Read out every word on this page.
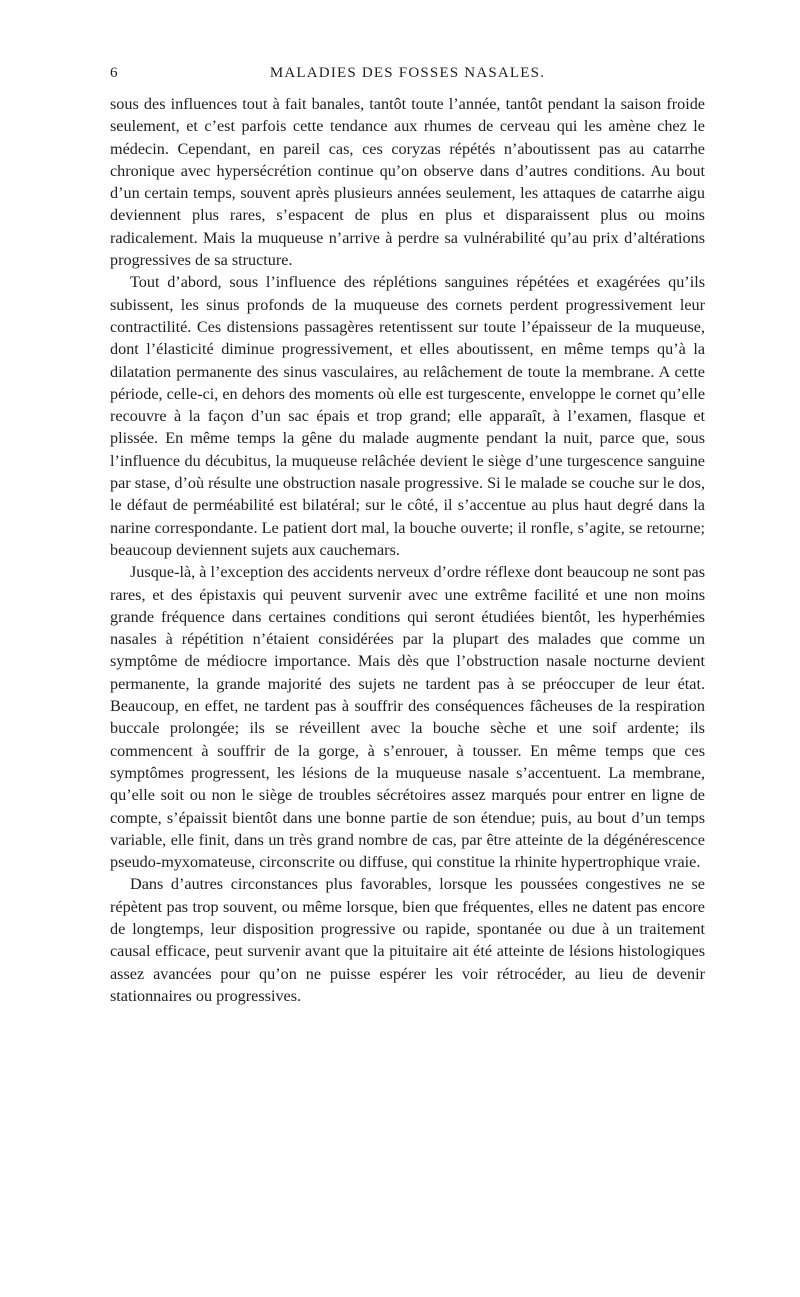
6	MALADIES DES FOSSES NASALES.

sous des influences tout à fait banales, tantôt toute l’année, tantôt pendant la saison froide seulement, et c’est parfois cette tendance aux rhumes de cerveau qui les amène chez le médecin. Cependant, en pareil cas, ces coryzas répétés n’aboutissent pas au catarrhe chronique avec hypersécrétion continue qu’on observe dans d’autres conditions. Au bout d’un certain temps, souvent après plusieurs années seulement, les attaques de catarrhe aigu deviennent plus rares, s’espacent de plus en plus et disparaissent plus ou moins radicalement. Mais la muqueuse n’arrive à perdre sa vulnérabilité qu’au prix d’altérations progressives de sa structure.

Tout d’abord, sous l’influence des réplétions sanguines répétées et exagérées qu’ils subissent, les sinus profonds de la muqueuse des cornets perdent progressivement leur contractilité. Ces distensions passagères retentissent sur toute l’épaisseur de la muqueuse, dont l’élasticité diminue progressivement, et elles aboutissent, en même temps qu’à la dilatation permanente des sinus vasculaires, au relâchement de toute la membrane. A cette période, celle-ci, en dehors des moments où elle est turgescente, enveloppe le cornet qu’elle recouvre à la façon d’un sac épais et trop grand; elle apparaît, à l’examen, flasque et plissée. En même temps la gêne du malade augmente pendant la nuit, parce que, sous l’influence du décubitus, la muqueuse relâchée devient le siège d’une turgescence sanguine par stase, d’où résulte une obstruction nasale progressive. Si le malade se couche sur le dos, le défaut de perméabilité est bilatéral; sur le côté, il s’accentue au plus haut degré dans la narine correspondante. Le patient dort mal, la bouche ouverte; il ronfle, s’agite, se retourne; beaucoup deviennent sujets aux cauchemars.

Jusque-là, à l’exception des accidents nerveux d’ordre réflexe dont beaucoup ne sont pas rares, et des épistaxis qui peuvent survenir avec une extrême facilité et une non moins grande fréquence dans certaines conditions qui seront étudiées bientôt, les hyperhémies nasales à répétition n’étaient considérées par la plupart des malades que comme un symptôme de médiocre importance. Mais dès que l’obstruction nasale nocturne devient permanente, la grande majorité des sujets ne tardent pas à se préoccuper de leur état. Beaucoup, en effet, ne tardent pas à souffrir des conséquences fâcheuses de la respiration buccale prolongée; ils se réveillent avec la bouche sèche et une soif ardente; ils commencent à souffrir de la gorge, à s’enrouer, à tousser. En même temps que ces symptômes progressent, les lésions de la muqueuse nasale s’accentuent. La membrane, qu’elle soit ou non le siège de troubles sécrétoires assez marqués pour entrer en ligne de compte, s’épaissit bientôt dans une bonne partie de son étendue; puis, au bout d’un temps variable, elle finit, dans un très grand nombre de cas, par être atteinte de la dégénérescence pseudo-myxomateuse, circonscrite ou diffuse, qui constitue la rhinite hypertrophique vraie.

Dans d’autres circonstances plus favorables, lorsque les poussées congestives ne se répètent pas trop souvent, ou même lorsque, bien que fréquentes, elles ne datent pas encore de longtemps, leur disposition progressive ou rapide, spontanée ou due à un traitement causal efficace, peut survenir avant que la pituitaire ait été atteinte de lésions histologiques assez avancées pour qu’on ne puisse espérer les voir rétrocéder, au lieu de devenir stationnaires ou progressives.
